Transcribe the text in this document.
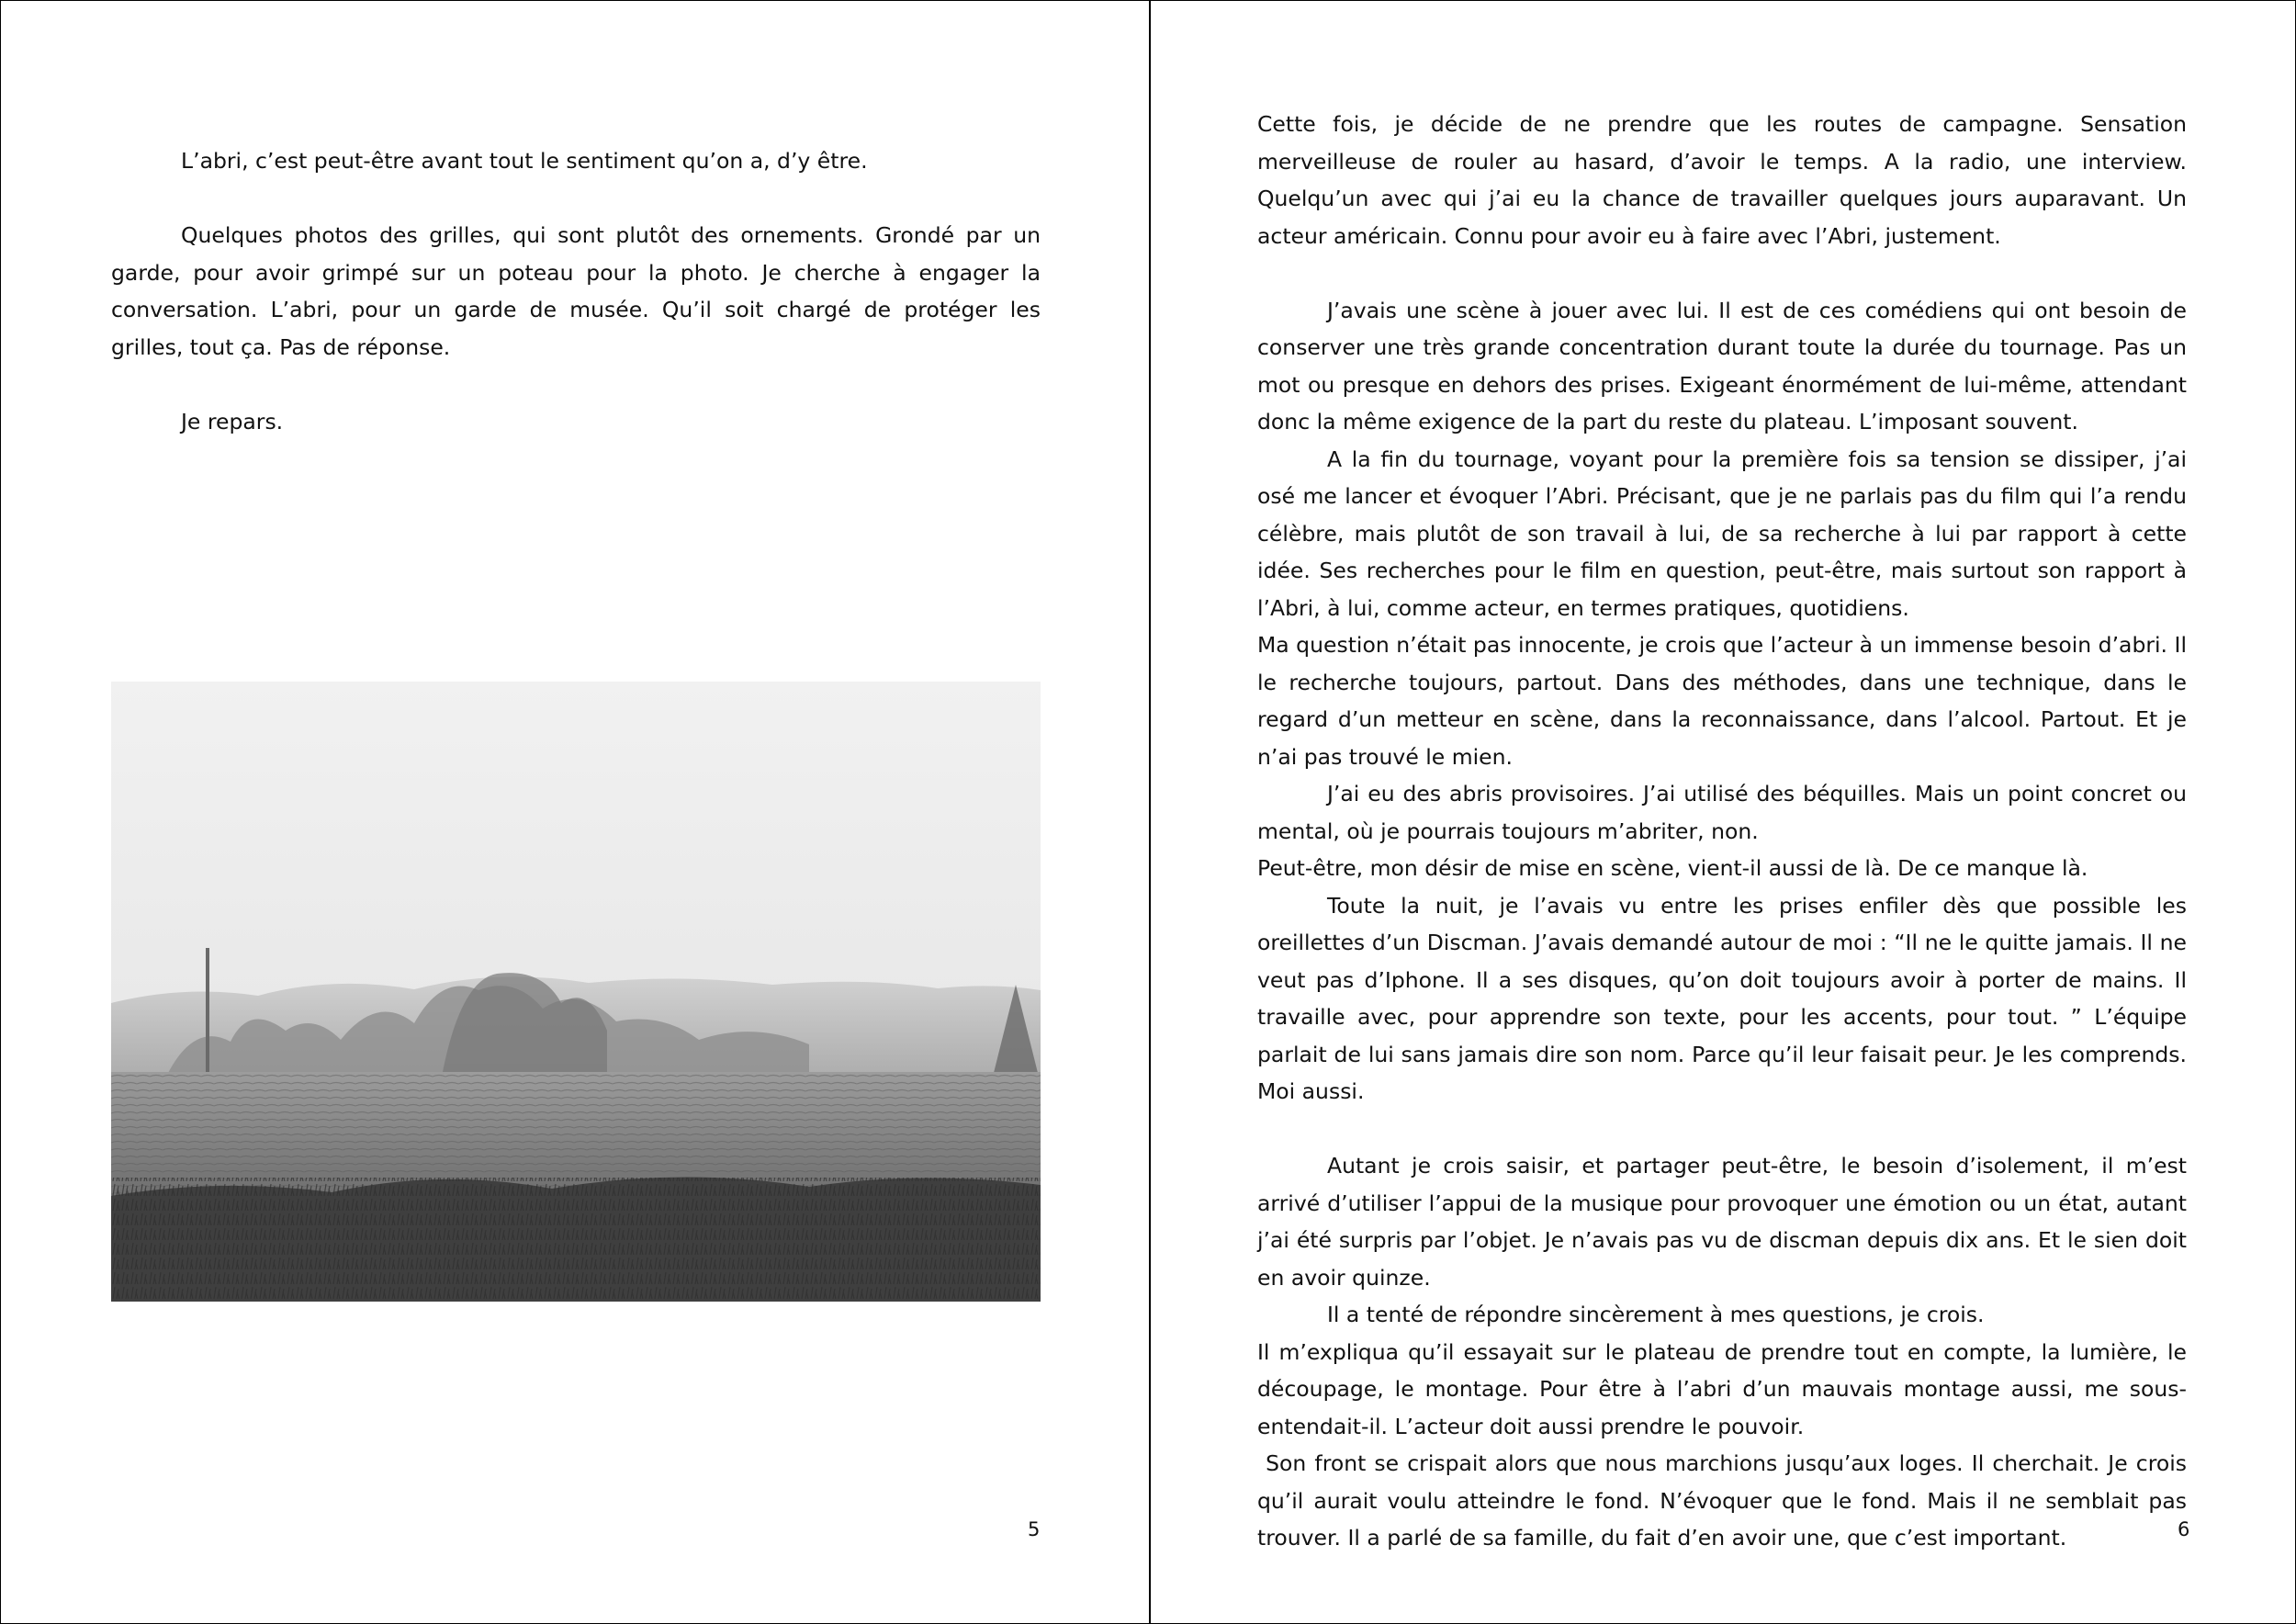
L’abri, c’est peut-être avant tout le sentiment qu’on a, d’y être.

Quelques photos des grilles, qui sont plutôt des ornements. Grondé par un garde, pour avoir grimpé sur un poteau pour la photo. Je cherche à engager la conversation. L’abri, pour un garde de musée. Qu’il soit chargé de protéger les grilles, tout ça. Pas de réponse.

Je repars.

5

Cette fois, je décide de ne prendre que les routes de campagne. Sensation merveilleuse de rouler au hasard, d’avoir le temps. A la radio, une interview. Quelqu’un avec qui j’ai eu la chance de travailler quelques jours auparavant. Un acteur américain. Connu pour avoir eu à faire avec l’Abri, justement.

J’avais une scène à jouer avec lui. Il est de ces comédiens qui ont besoin de conserver une très grande concentration durant toute la durée du tournage. Pas un mot ou presque en dehors des prises. Exigeant énormément de lui-même, attendant donc la même exigence de la part du reste du plateau. L’imposant souvent.

A la fin du tournage, voyant pour la première fois sa tension se dissiper, j’ai osé me lancer et évoquer l’Abri. Précisant, que je ne parlais pas du film qui l’a rendu célèbre, mais plutôt de son travail à lui, de sa recherche à lui par rapport à cette idée. Ses recherches pour le film en question, peut-être, mais surtout son rapport à l’Abri, à lui, comme acteur, en termes pratiques, quotidiens.

Ma question n’était pas innocente, je crois que l’acteur à un immense besoin d’abri. Il le recherche toujours, partout. Dans des méthodes, dans une technique, dans le regard d’un metteur en scène, dans la reconnaissance, dans l’alcool. Partout. Et je n’ai pas trouvé le mien.

J’ai eu des abris provisoires. J’ai utilisé des béquilles. Mais un point concret ou mental, où je pourrais toujours m’abriter, non.

Peut-être, mon désir de mise en scène, vient-il aussi de là. De ce manque là.

Toute la nuit, je l’avais vu entre les prises enfiler dès que possible les oreillettes d’un Discman. J’avais demandé autour de moi : “Il ne le quitte jamais. Il ne veut pas d’Iphone. Il a ses disques, qu’on doit toujours avoir à porter de mains. Il travaille avec, pour apprendre son texte, pour les accents, pour tout. ” L’équipe parlait de lui sans jamais dire son nom. Parce qu’il leur faisait peur. Je les comprends. Moi aussi.

Autant je crois saisir, et partager peut-être, le besoin d’isolement, il m’est arrivé d’utiliser l’appui de la musique pour provoquer une émotion ou un état, autant j’ai été surpris par l’objet. Je n’avais pas vu de discman depuis dix ans. Et le sien doit en avoir quinze.

Il a tenté de répondre sincèrement à mes questions, je crois.

Il m’expliqua qu’il essayait sur le plateau de prendre tout en compte, la lumière, le découpage, le montage. Pour être à l’abri d’un mauvais montage aussi, me sous-entendait-il. L’acteur doit aussi prendre le pouvoir.

Son front se crispait alors que nous marchions jusqu’aux loges. Il cherchait. Je crois qu’il aurait voulu atteindre le fond. N’évoquer que le fond. Mais il ne semblait pas trouver. Il a parlé de sa famille, du fait d’en avoir une, que c’est important.	6
